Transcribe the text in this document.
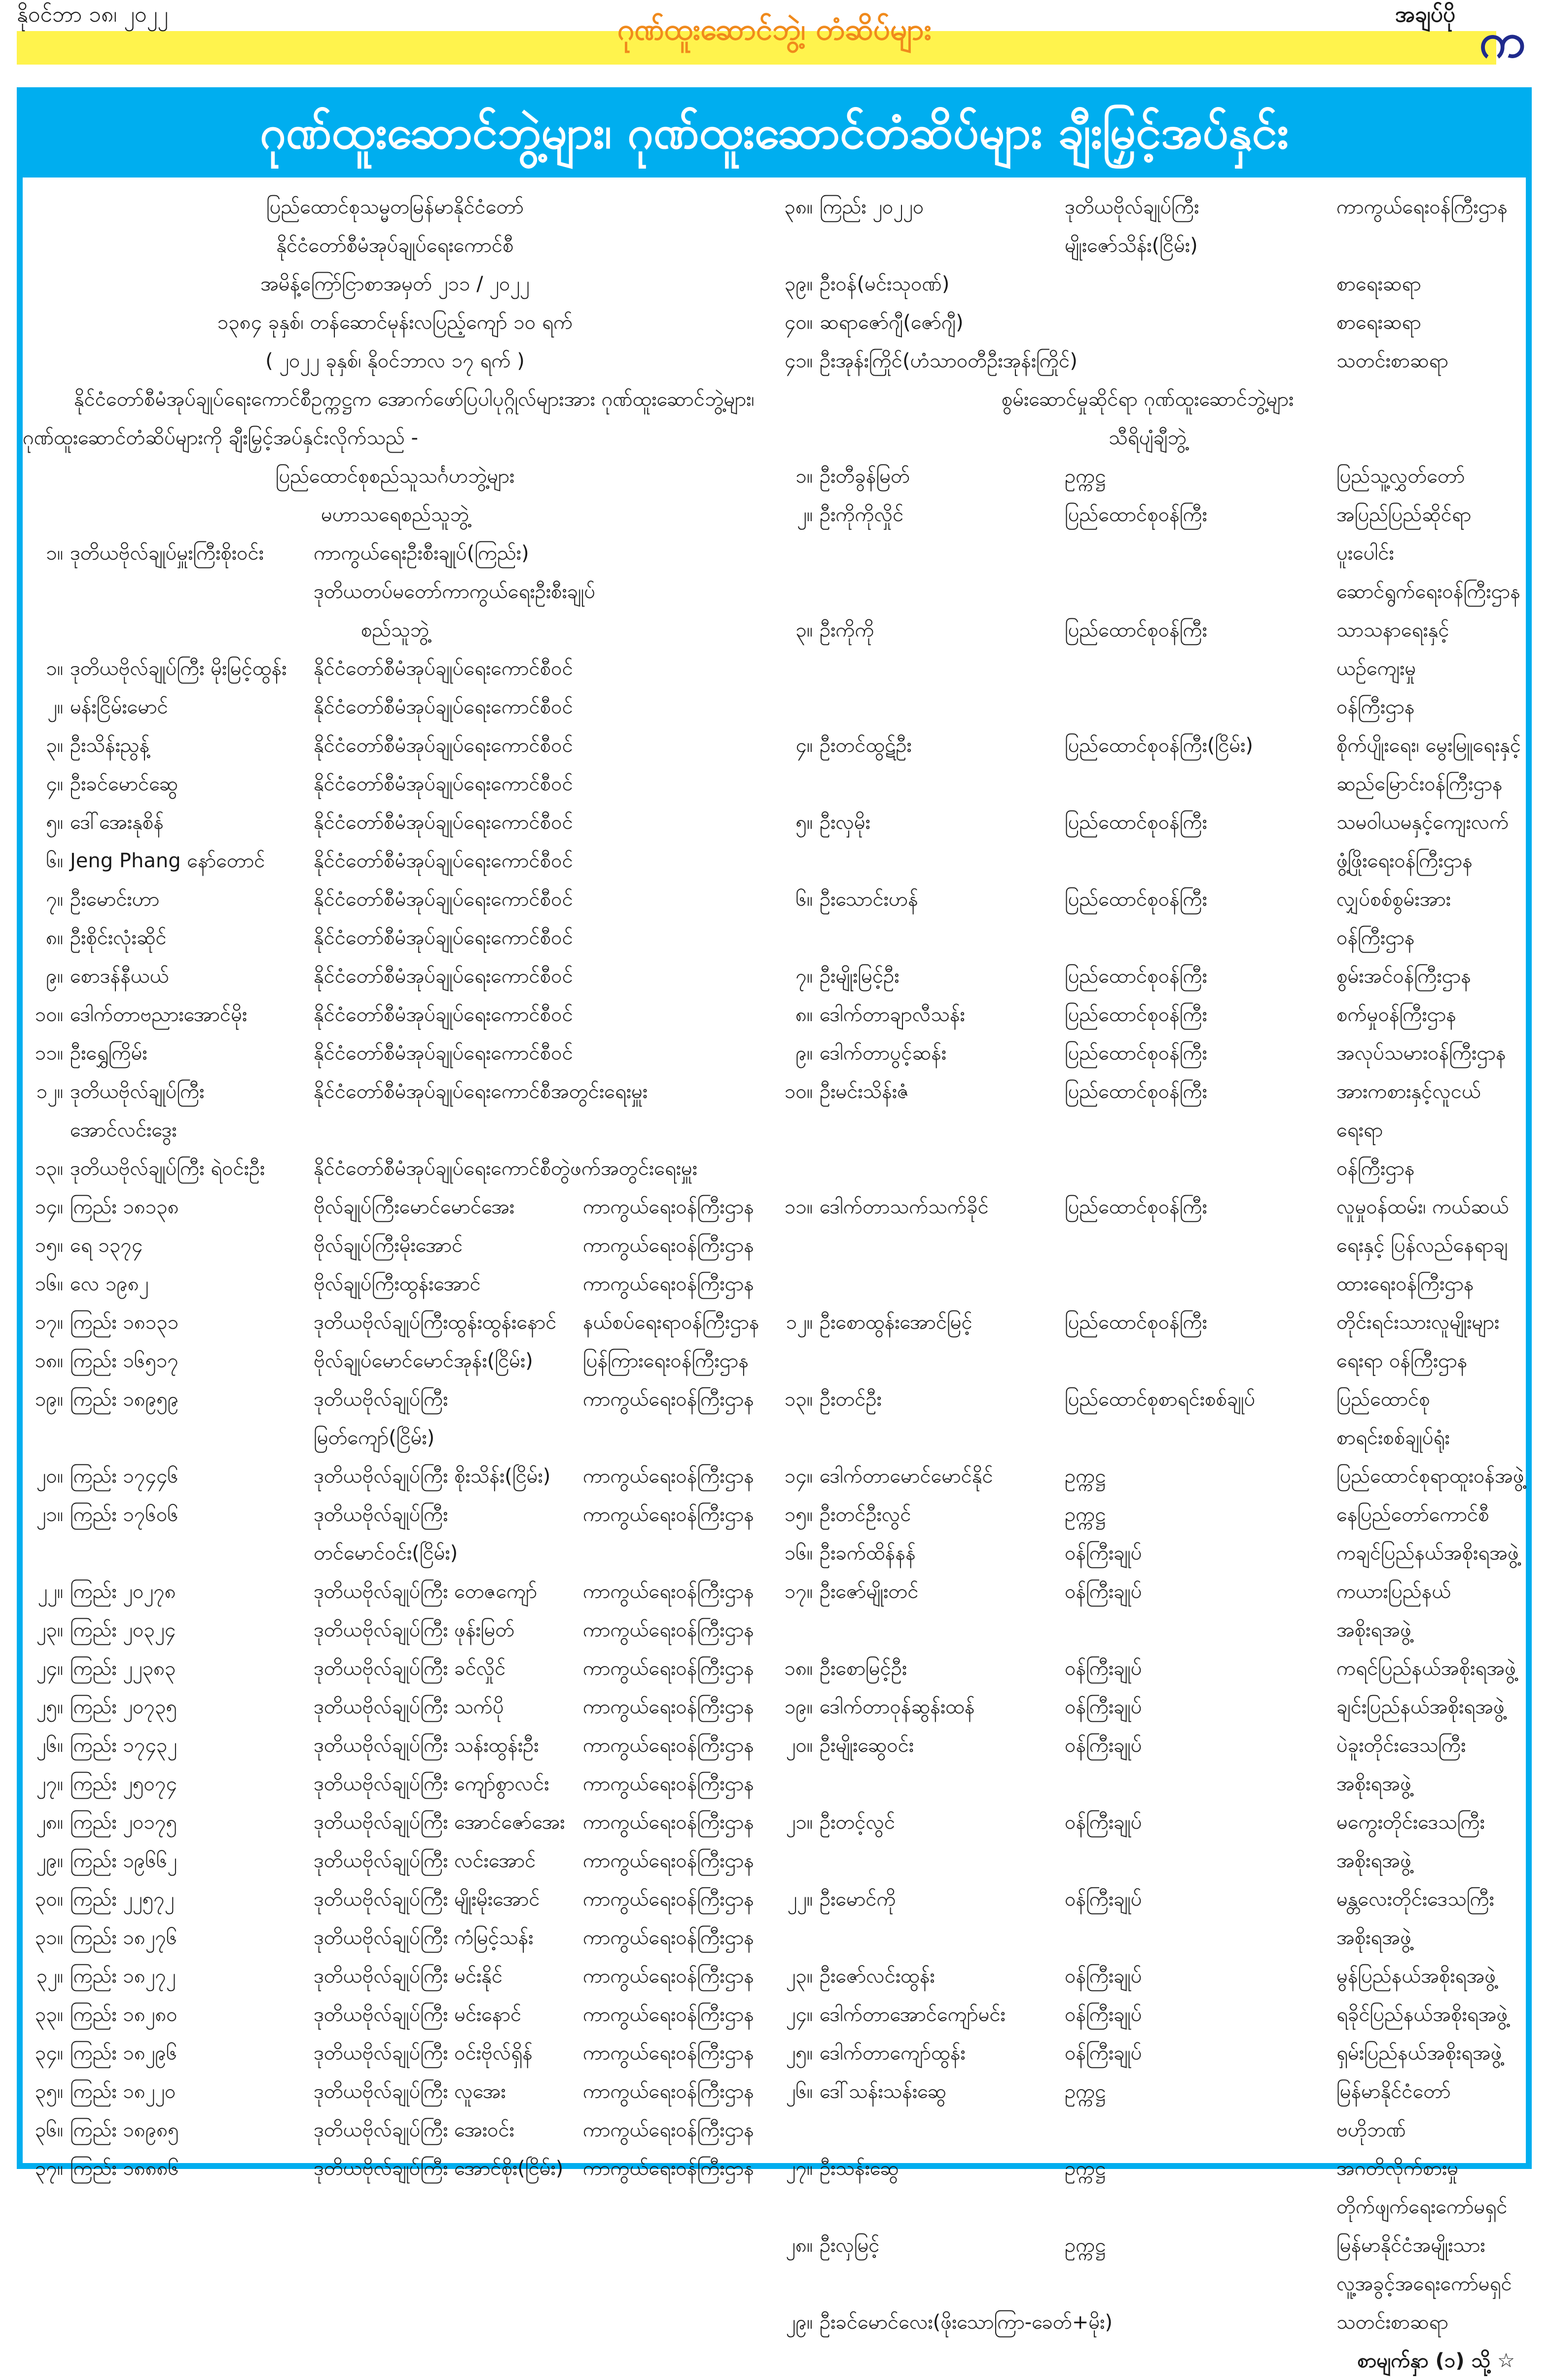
နိုဝင်ဘာ ၁၈၊ ၂၀၂၂	ဂုဏ်ထူးဆောင်ဘွဲ့၊ တံဆိပ်များ	အချပ်ပို က
ဂုဏ်ထူးဆောင်ဘွဲ့များ၊ ဂုဏ်ထူးဆောင်တံဆိပ်များ ချီးမြှင့်အပ်နှင်း
ပြည်ထောင်စုသမ္မတမြန်မာနိုင်ငံတော်
နိုင်ငံတော်စီမံအုပ်ချုပ်ရေးကောင်စီ
အမိန့်ကြော်ငြာစာအမှတ် ၂၁၁ / ၂၀၂၂
၁၃၈၄ ခုနှစ်၊ တန်ဆောင်မုန်းလပြည့်ကျော် ၁၀ ရက်
( ၂၀၂၂ ခုနှစ်၊ နိုဝင်ဘာလ ၁၇ ရက် )
နိုင်ငံတော်စီမံအုပ်ချုပ်ရေးကောင်စီဥက္ကဋ္ဌက အောက်ဖော်ပြပါပုဂ္ဂိုလ်များအား ဂုဏ်ထူးဆောင်ဘွဲ့များ၊ ဂုဏ်ထူးဆောင်တံဆိပ်များကို ချီးမြှင့်အပ်နှင်းလိုက်သည် -
ပြည်ထောင်စုစည်သူသင်္ဂဟဘွဲ့များ
မဟာသရေစည်သူဘွဲ့
၁။ ဒုတိယဗိုလ်ချုပ်မှူးကြီးစိုးဝင်း	ကာကွယ်ရေးဦးစီးချုပ်(ကြည်း)
ဒုတိယတပ်မတော်ကာကွယ်ရေးဦးစီးချုပ်
စည်သူဘွဲ့
၁။ ဒုတိယဗိုလ်ချုပ်ကြီး မိုးမြင့်ထွန်း	နိုင်ငံတော်စီမံအုပ်ချုပ်ရေးကောင်စီဝင်
၂။ မန်းငြိမ်းမောင်	နိုင်ငံတော်စီမံအုပ်ချုပ်ရေးကောင်စီဝင်
၃။ ဦးသိန်းညွန့်	နိုင်ငံတော်စီမံအုပ်ချုပ်ရေးကောင်စီဝင်
၄။ ဦးခင်မောင်ဆွေ	နိုင်ငံတော်စီမံအုပ်ချုပ်ရေးကောင်စီဝင်
၅။ ဒေါ်အေးနုစိန်	နိုင်ငံတော်စီမံအုပ်ချုပ်ရေးကောင်စီဝင်
၆။ Jeng Phang နော်တောင်	နိုင်ငံတော်စီမံအုပ်ချုပ်ရေးကောင်စီဝင်
၇။ ဦးမောင်းဟာ	နိုင်ငံတော်စီမံအုပ်ချုပ်ရေးကောင်စီဝင်
၈။ ဦးစိုင်းလုံးဆိုင်	နိုင်ငံတော်စီမံအုပ်ချုပ်ရေးကောင်စီဝင်
၉။ စောဒန်နီယယ်	နိုင်ငံတော်စီမံအုပ်ချုပ်ရေးကောင်စီဝင်
၁၀။ ဒေါက်တာဗညားအောင်မိုး	နိုင်ငံတော်စီမံအုပ်ချုပ်ရေးကောင်စီဝင်
၁၁။ ဦးရွှေကြိမ်း	နိုင်ငံတော်စီမံအုပ်ချုပ်ရေးကောင်စီဝင်
၁၂။ ဒုတိယဗိုလ်ချုပ်ကြီး
အောင်လင်းဒွေး
နိုင်ငံတော်စီမံအုပ်ချုပ်ရေးကောင်စီအတွင်းရေးမှူး
၁၃။ ဒုတိယဗိုလ်ချုပ်ကြီး ရဲဝင်းဦး	နိုင်ငံတော်စီမံအုပ်ချုပ်ရေးကောင်စီတွဲဖက်အတွင်းရေးမှူး
၁၄။ ကြည်း ၁၈၁၃၈	ဗိုလ်ချုပ်ကြီးမောင်မောင်အေး	ကာကွယ်ရေးဝန်ကြီးဌာန
၁၅။ ရေ ၁၃၇၄	ဗိုလ်ချုပ်ကြီးမိုးအောင်	ကာကွယ်ရေးဝန်ကြီးဌာန
၁၆။ လေ ၁၉၈၂	ဗိုလ်ချုပ်ကြီးထွန်းအောင်	ကာကွယ်ရေးဝန်ကြီးဌာန
၁၇။ ကြည်း ၁၈၁၃၁	ဒုတိယဗိုလ်ချုပ်ကြီးထွန်းထွန်းနောင်	နယ်စပ်ရေးရာဝန်ကြီးဌာန
၁၈။ ကြည်း ၁၆၅၁၇	ဗိုလ်ချုပ်မောင်မောင်အုန်း(ငြိမ်း)	ပြန်ကြားရေးဝန်ကြီးဌာန
၁၉။ ကြည်း ၁၈၉၅၉	ဒုတိယဗိုလ်ချုပ်ကြီး
မြတ်ကျော်(ငြိမ်း)
ကာကွယ်ရေးဝန်ကြီးဌာန
၂၀။ ကြည်း ၁၇၄၄၆	ဒုတိယဗိုလ်ချုပ်ကြီး စိုးသိန်း(ငြိမ်း)	ကာကွယ်ရေးဝန်ကြီးဌာန
၂၁။ ကြည်း ၁၇၆၀၆	ဒုတိယဗိုလ်ချုပ်ကြီး
တင်မောင်ဝင်း(ငြိမ်း)
ကာကွယ်ရေးဝန်ကြီးဌာန
၂၂။ ကြည်း ၂၀၂၇၈	ဒုတိယဗိုလ်ချုပ်ကြီး တေဇကျော်	ကာကွယ်ရေးဝန်ကြီးဌာန
၂၃။ ကြည်း ၂၀၃၂၄	ဒုတိယဗိုလ်ချုပ်ကြီး ဖုန်းမြတ်	ကာကွယ်ရေးဝန်ကြီးဌာန
၂၄။ ကြည်း ၂၂၃၈၃	ဒုတိယဗိုလ်ချုပ်ကြီး ခင်လှိုင်	ကာကွယ်ရေးဝန်ကြီးဌာန
၂၅။ ကြည်း ၂၀၇၃၅	ဒုတိယဗိုလ်ချုပ်ကြီး သက်ပို	ကာကွယ်ရေးဝန်ကြီးဌာန
၂၆။ ကြည်း ၁၇၄၃၂	ဒုတိယဗိုလ်ချုပ်ကြီး သန်းထွန်းဦး	ကာကွယ်ရေးဝန်ကြီးဌာန
၂၇။ ကြည်း ၂၅၀၇၄	ဒုတိယဗိုလ်ချုပ်ကြီး ကျော်စွာလင်း	ကာကွယ်ရေးဝန်ကြီးဌာန
၂၈။ ကြည်း ၂၀၁၇၅	ဒုတိယဗိုလ်ချုပ်ကြီး အောင်ဇော်အေး ကာကွယ်ရေးဝန်ကြီးဌာန
၂၉။ ကြည်း ၁၉၆၆၂	ဒုတိယဗိုလ်ချုပ်ကြီး လင်းအောင်	ကာကွယ်ရေးဝန်ကြီးဌာန
၃၀။ ကြည်း ၂၂၅၇၂	ဒုတိယဗိုလ်ချုပ်ကြီး မျိုးမိုးအောင်	ကာကွယ်ရေးဝန်ကြီးဌာန
၃၁။ ကြည်း ၁၈၂၇၆	ဒုတိယဗိုလ်ချုပ်ကြီး ကံမြင့်သန်း	ကာကွယ်ရေးဝန်ကြီးဌာန
၃၂။ ကြည်း ၁၈၂၇၂	ဒုတိယဗိုလ်ချုပ်ကြီး မင်းနိုင်	ကာကွယ်ရေးဝန်ကြီးဌာန
၃၃။ ကြည်း ၁၈၂၈၀	ဒုတိယဗိုလ်ချုပ်ကြီး မင်းနောင်	ကာကွယ်ရေးဝန်ကြီးဌာန
၃၄။ ကြည်း ၁၈၂၉၆	ဒုတိယဗိုလ်ချုပ်ကြီး ဝင်းဗိုလ်ရှိန်	ကာကွယ်ရေးဝန်ကြီးဌာန
၃၅။ ကြည်း ၁၈၂၂၀	ဒုတိယဗိုလ်ချုပ်ကြီး လူအေး	ကာကွယ်ရေးဝန်ကြီးဌာန
၃၆။ ကြည်း ၁၈၉၈၅	ဒုတိယဗိုလ်ချုပ်ကြီး အေးဝင်း	ကာကွယ်ရေးဝန်ကြီးဌာန
၃၇။ ကြည်း ၁၈၈၈၆	ဒုတိယဗိုလ်ချုပ်ကြီး အောင်စိုး(ငြိမ်း) ကာကွယ်ရေးဝန်ကြီးဌာန
၃၈။ ကြည်း ၂၀၂၂၀	ဒုတိယဗိုလ်ချုပ်ကြီး
မျိုးဇော်သိန်း(ငြိမ်း)
ကာကွယ်ရေးဝန်ကြီးဌာန
၃၉။ ဦးဝန်(မင်းသုဝဏ်)	စာရေးဆရာ
၄၀။ ဆရာဇော်ဂျီ(ဇော်ဂျီ)	စာရေးဆရာ
၄၁။ ဦးအုန်းကြိုင်(ဟံသာဝတီဦးအုန်းကြိုင်)	သတင်းစာဆရာ
စွမ်းဆောင်မှုဆိုင်ရာ ဂုဏ်ထူးဆောင်ဘွဲ့များ
သီရိပျံချီဘွဲ့
၁။ ဦးတီခွန်မြတ်	ဥက္ကဋ္ဌ	ပြည်သူ့လွှတ်တော်
၂။ ဦးကိုကိုလှိုင်	ပြည်ထောင်စုဝန်ကြီး	အပြည်ပြည်ဆိုင်ရာပူးပေါင်း
ဆောင်ရွက်ရေးဝန်ကြီးဌာန
၃။ ဦးကိုကို	ပြည်ထောင်စုဝန်ကြီး	သာသနာရေးနှင့်ယဉ်ကျေးမှု
ဝန်ကြီးဌာန
၄။ ဦးတင်ထွဋ်ဦး	ပြည်ထောင်စုဝန်ကြီး(ငြိမ်း)	စိုက်ပျိုးရေး၊ မွေးမြူရေးနှင့်
ဆည်မြောင်းဝန်ကြီးဌာန
၅။ ဦးလှမိုး	ပြည်ထောင်စုဝန်ကြီး	သမဝါယမနှင့်ကျေးလက်
ဖွံ့ဖြိုးရေးဝန်ကြီးဌာန
၆။ ဦးသောင်းဟန်	ပြည်ထောင်စုဝန်ကြီး	လျှပ်စစ်စွမ်းအားဝန်ကြီးဌာန
၇။ ဦးမျိုးမြင့်ဦး	ပြည်ထောင်စုဝန်ကြီး	စွမ်းအင်ဝန်ကြီးဌာန
၈။ ဒေါက်တာချာလီသန်း	ပြည်ထောင်စုဝန်ကြီး	စက်မှုဝန်ကြီးဌာန
၉။ ဒေါက်တာပွင့်ဆန်း	ပြည်ထောင်စုဝန်ကြီး	အလုပ်သမားဝန်ကြီးဌာန
၁၀။ ဦးမင်းသိန်းဇံ	ပြည်ထောင်စုဝန်ကြီး	အားကစားနှင့်လူငယ်ရေးရာ
ဝန်ကြီးဌာန
၁၁။ ဒေါက်တာသက်သက်ခိုင်	ပြည်ထောင်စုဝန်ကြီး	လူမှုဝန်ထမ်း၊ ကယ်ဆယ်
ရေးနှင့် ပြန်လည်နေရာချ
ထားရေးဝန်ကြီးဌာန
၁၂။ ဦးစောထွန်းအောင်မြင့်	ပြည်ထောင်စုဝန်ကြီး	တိုင်းရင်းသားလူမျိုးများ
ရေးရာ ဝန်ကြီးဌာန
၁၃။ ဦးတင်ဦး	ပြည်ထောင်စုစာရင်းစစ်ချုပ်	ပြည်ထောင်စု
စာရင်းစစ်ချုပ်ရုံး
၁၄။ ဒေါက်တာမောင်မောင်နိုင်	ဥက္ကဋ္ဌ	ပြည်ထောင်စုရာထူးဝန်အဖွဲ့
၁၅။ ဦးတင်ဦးလွင်	ဥက္ကဋ္ဌ	နေပြည်တော်ကောင်စီ
၁၆။ ဦးခက်ထိန်နန်	ဝန်ကြီးချုပ်	ကချင်ပြည်နယ်အစိုးရအဖွဲ့
၁၇။ ဦးဇော်မျိုးတင်	ဝန်ကြီးချုပ်	ကယားပြည်နယ်အစိုးရအဖွဲ့
၁၈။ ဦးစောမြင့်ဦး	ဝန်ကြီးချုပ်	ကရင်ပြည်နယ်အစိုးရအဖွဲ့
၁၉။ ဒေါက်တာဝုန်ဆွန်းထန်	ဝန်ကြီးချုပ်	ချင်းပြည်နယ်အစိုးရအဖွဲ့
၂၀။ ဦးမျိုးဆွေဝင်း	ဝန်ကြီးချုပ်	ပဲခူးတိုင်းဒေသကြီး
အစိုးရအဖွဲ့
၂၁။ ဦးတင့်လွင်	ဝန်ကြီးချုပ်	မကွေးတိုင်းဒေသကြီး
အစိုးရအဖွဲ့
၂၂။ ဦးမောင်ကို	ဝန်ကြီးချုပ်	မန္တလေးတိုင်းဒေသကြီး
အစိုးရအဖွဲ့
၂၃။ ဦးဇော်လင်းထွန်း	ဝန်ကြီးချုပ်	မွန်ပြည်နယ်အစိုးရအဖွဲ့
၂၄။ ဒေါက်တာအောင်ကျော်မင်း	ဝန်ကြီးချုပ်	ရခိုင်ပြည်နယ်အစိုးရအဖွဲ့
၂၅။ ဒေါက်တာကျော်ထွန်း	ဝန်ကြီးချုပ်	ရှမ်းပြည်နယ်အစိုးရအဖွဲ့
၂၆။ ဒေါ်သန်းသန်းဆွေ	ဥက္ကဋ္ဌ	မြန်မာနိုင်ငံတော်
ဗဟိုဘဏ်
၂၇။ ဦးသန်းဆွေ	ဥက္ကဋ္ဌ	အဂတိလိုက်စားမှု
တိုက်ဖျက်ရေးကော်မရှင်
၂၈။ ဦးလှမြင့်	ဥက္ကဋ္ဌ	မြန်မာနိုင်ငံအမျိုးသား
လူ့အခွင့်အရေးကော်မရှင်
၂၉။ ဦးခင်မောင်လေး(ဖိုးသောကြာ-ခေတ်+မိုး)	သတင်းစာဆရာ
စာမျက်နှာ (၁) သို့ ☆
